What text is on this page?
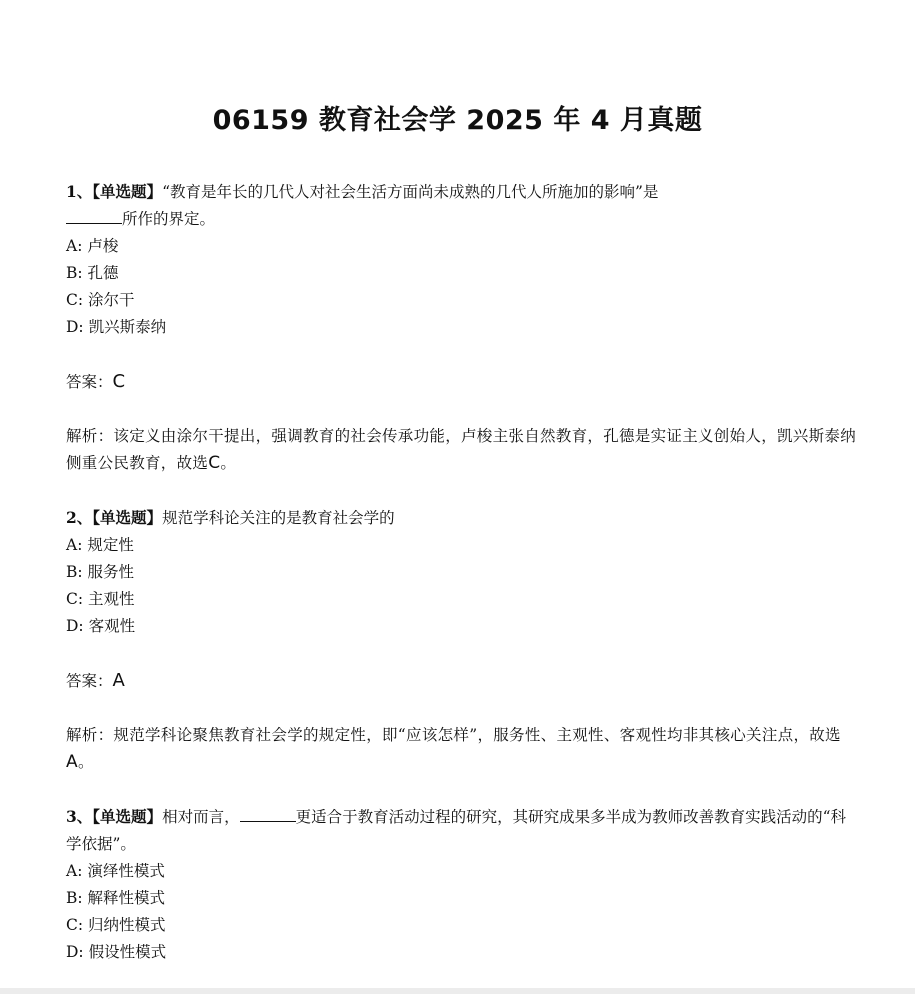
06159 教育社会学 2025 年 4 月真题

1、【单选题】“教育是年长的几代人对社会生活方面尚未成熟的几代人所施加的影响”是
所作的界定。

A: 卢梭
B: 孔德
C: 涂尔干
D: 凯兴斯泰纳
答案：C
解析：该定义由涂尔干提出，强调教育的社会传承功能，卢梭主张自然教育，孔德是实证主义创始人，凯兴斯泰纳侧重公民教育，故选C。

2、【单选题】规范学科论关注的是教育社会学的

A: 规定性
B: 服务性
C: 主观性
D: 客观性
答案：A
解析：规范学科论聚焦教育社会学的规定性，即“应该怎样”，服务性、主观性、客观性均非其核心关注点，故选A。

3、【单选题】相对而言，	更适合于教育活动过程的研究，其研究成果多半成为教师改善教育实践活动的“科学依据”。

A: 演绎性模式
B: 解释性模式
C: 归纳性模式
D: 假设性模式
